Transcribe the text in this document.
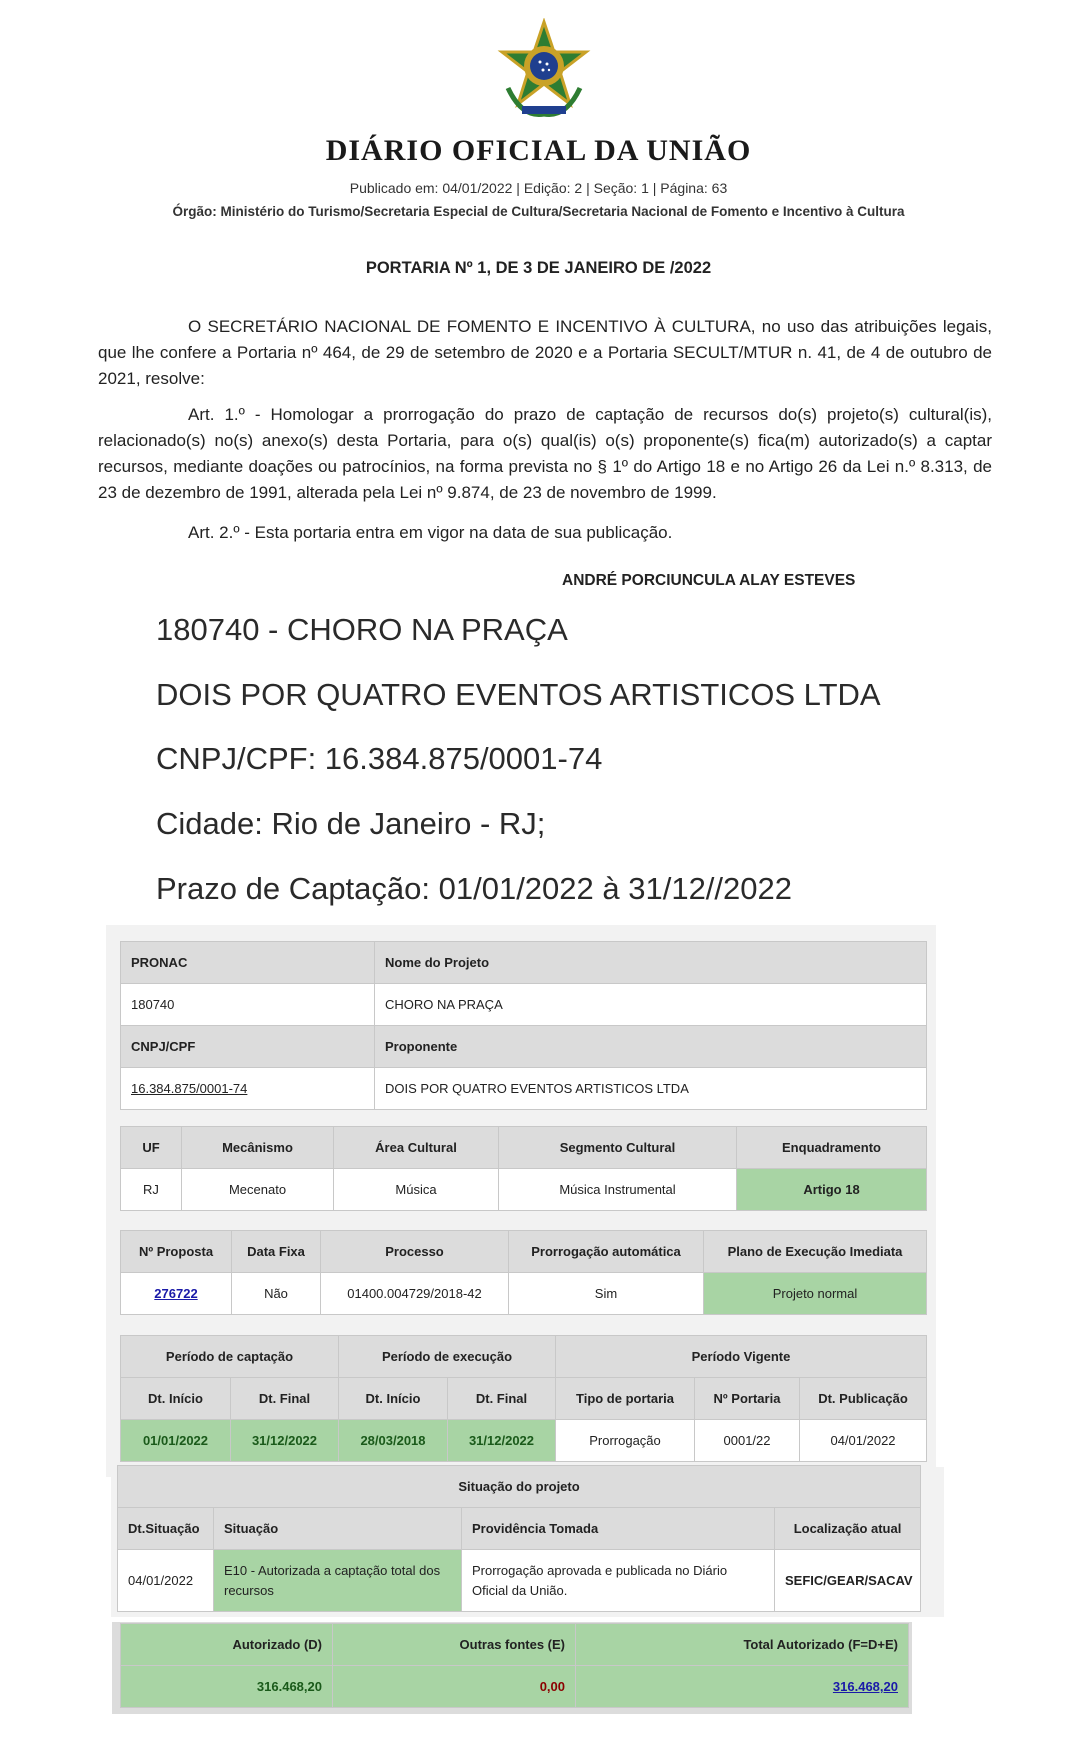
DIÁRIO OFICIAL DA UNIÃO
Publicado em: 04/01/2022 | Edição: 2 | Seção: 1 | Página: 63
Órgão: Ministério do Turismo/Secretaria Especial de Cultura/Secretaria Nacional de Fomento e Incentivo à Cultura
PORTARIA Nº 1, DE 3 DE JANEIRO DE /2022
O SECRETÁRIO NACIONAL DE FOMENTO E INCENTIVO À CULTURA, no uso das atribuições legais, que lhe confere a Portaria nº 464, de 29 de setembro de 2020 e a Portaria SECULT/MTUR n. 41, de 4 de outubro de 2021, resolve:
Art. 1.º - Homologar a prorrogação do prazo de captação de recursos do(s) projeto(s) cultural(is), relacionado(s) no(s) anexo(s) desta Portaria, para o(s) qual(is) o(s) proponente(s) fica(m) autorizado(s) a captar recursos, mediante doações ou patrocínios, na forma prevista no § 1º do Artigo 18 e no Artigo 26 da Lei n.º 8.313, de 23 de dezembro de 1991, alterada pela Lei nº 9.874, de 23 de novembro de 1999.
Art. 2.º - Esta portaria entra em vigor na data de sua publicação.
ANDRÉ PORCIUNCULA ALAY ESTEVES
180740 - CHORO NA PRAÇA
DOIS POR QUATRO EVENTOS ARTISTICOS LTDA
CNPJ/CPF: 16.384.875/0001-74
Cidade: Rio de Janeiro - RJ;
Prazo de Captação: 01/01/2022 à 31/12//2022
PRONAC	Nome do Projeto
180740	CHORO NA PRAÇA
CNPJ/CPF	Proponente
16.384.875/0001-74	DOIS POR QUATRO EVENTOS ARTISTICOS LTDA
UF	Mecânismo	Área Cultural	Segmento Cultural	Enquadramento
RJ	Mecenato	Música	Música Instrumental	Artigo 18
Nº Proposta	Data Fixa	Processo	Prorrogação automática	Plano de Execução Imediata
276722	Não	01400.004729/2018-42	Sim	Projeto normal
Período de captação		Período de execução		Período Vigente		
Dt. Início	Dt. Final	Dt. Início	Dt. Final	Tipo de portaria	Nº Portaria	Dt. Publicação
01/01/2022	31/12/2022	28/03/2018	31/12/2022	Prorrogação	0001/22	04/01/2022
Situação do projeto			
Dt.Situação	Situação	Providência Tomada	Localização atual
04/01/2022	E10 - Autorizada a captação total dos recursos	Prorrogação aprovada e publicada no Diário Oficial da União.	SEFIC/GEAR/SACAV
Autorizado (D)	Outras fontes (E)	Total Autorizado (F=D+E)
316.468,20	0,00	316.468,20
